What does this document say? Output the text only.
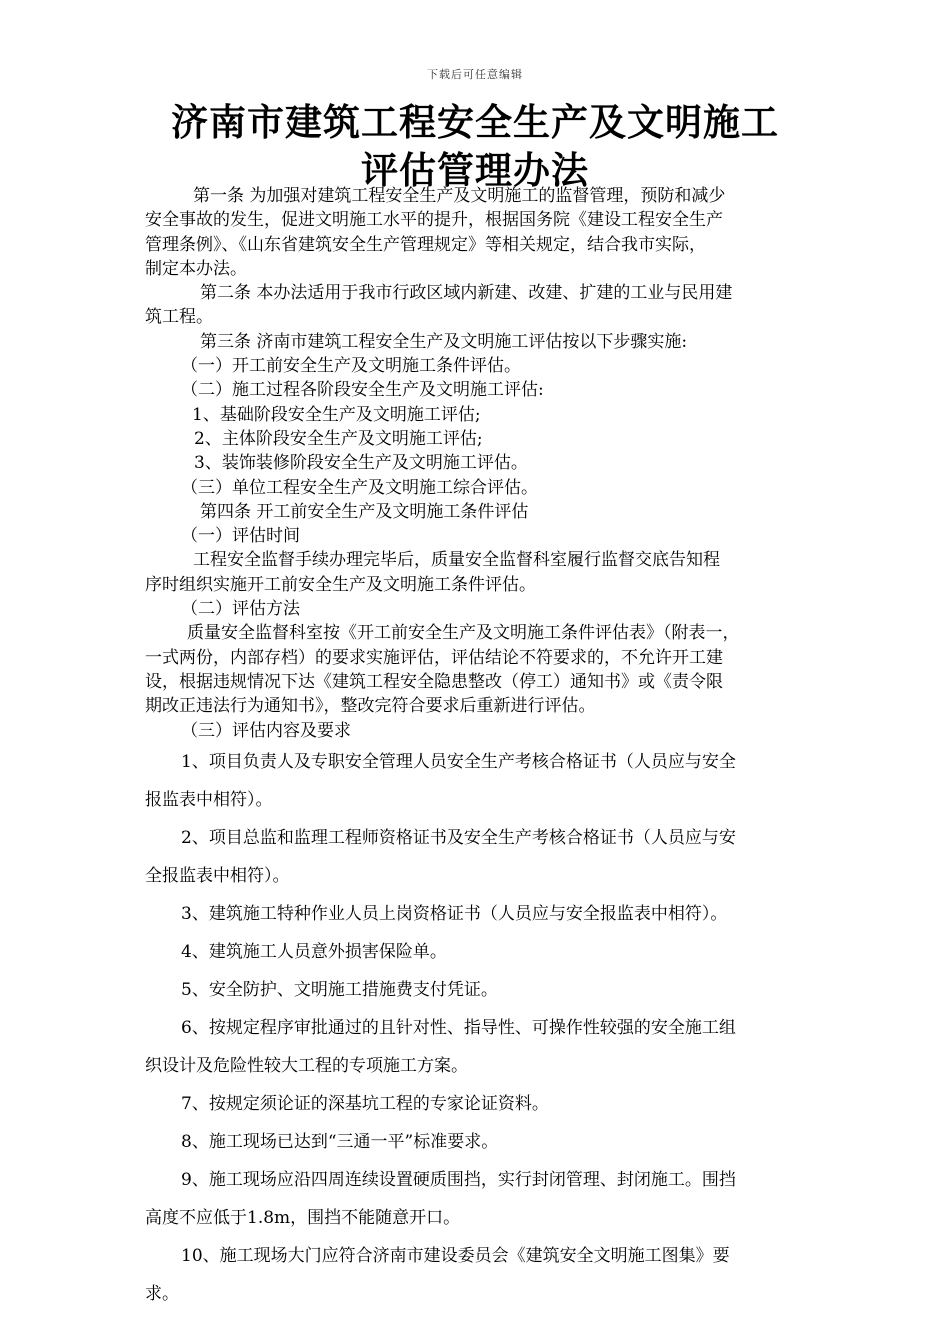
下载后可任意编辑
济南市建筑工程安全生产及文明施工
评估管理办法

第一条 为加强对建筑工程安全生产及文明施工的监督管理，预防和减少

安全事故的发生，促进文明施工水平的提升，根据国务院《建设工程安全生产

管理条例》、《山东省建筑安全生产管理规定》等相关规定，结合我市实际，

制定本办法。

第二条 本办法适用于我市行政区域内新建、改建、扩建的工业与民用建

筑工程。

第三条 济南市建筑工程安全生产及文明施工评估按以下步骤实施:

（一）开工前安全生产及文明施工条件评估。

（二）施工过程各阶段安全生产及文明施工评估:

1、基础阶段安全生产及文明施工评估;

2、主体阶段安全生产及文明施工评估;

3、装饰装修阶段安全生产及文明施工评估。

（三）单位工程安全生产及文明施工综合评估。

第四条 开工前安全生产及文明施工条件评估

（一）评估时间

工程安全监督手续办理完毕后，质量安全监督科室履行监督交底告知程

序时组织实施开工前安全生产及文明施工条件评估。

（二）评估方法

质量安全监督科室按《开工前安全生产及文明施工条件评估表》（附表一，

一式两份，内部存档）的要求实施评估，评估结论不符要求的，不允许开工建

设，根据违规情况下达《建筑工程安全隐患整改（停工）通知书》或《责令限

期改正违法行为通知书》，整改完符合要求后重新进行评估。

（三）评估内容及要求

1、项目负责人及专职安全管理人员安全生产考核合格证书（人员应与安全

报监表中相符）。

2、项目总监和监理工程师资格证书及安全生产考核合格证书（人员应与安

全报监表中相符）。

3、建筑施工特种作业人员上岗资格证书（人员应与安全报监表中相符）。

4、建筑施工人员意外损害保险单。

5、安全防护、文明施工措施费支付凭证。

6、按规定程序审批通过的且针对性、指导性、可操作性较强的安全施工组

织设计及危险性较大工程的专项施工方案。

7、按规定须论证的深基坑工程的专家论证资料。

8、施工现场已达到“三通一平”标准要求。

9、施工现场应沿四周连续设置硬质围挡，实行封闭管理、封闭施工。围挡

高度不应低于1.8m，围挡不能随意开口。

10、施工现场大门应符合济南市建设委员会《建筑安全文明施工图集》要

求。
